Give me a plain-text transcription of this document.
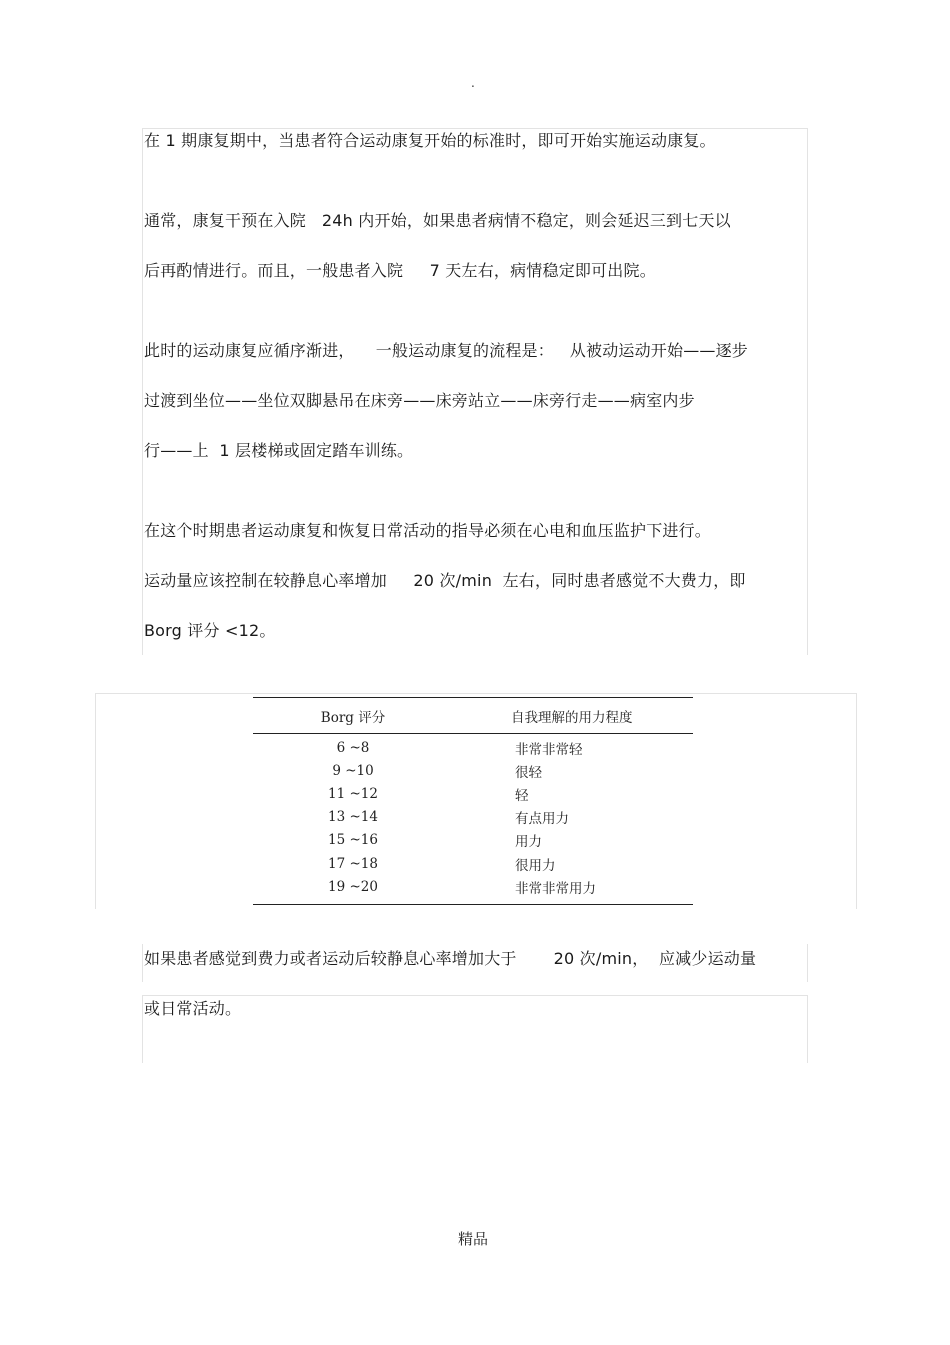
.
在 1 期康复期中，当患者符合运动康复开始的标准时，即可开始实施运动康复。
通常，康复干预在入院   24h 内开始，如果患者病情不稳定，则会延迟三到七天以
后再酌情进行。而且，一般患者入院     7 天左右，病情稳定即可出院。
此时的运动康复应循序渐进，    一般运动康复的流程是：   从被动运动开始——逐步
过渡到坐位——坐位双脚悬吊在床旁——床旁站立——床旁行走——病室内步
行——上  1 层楼梯或固定踏车训练。
在这个时期患者运动康复和恢复日常活动的指导必须在心电和血压监护下进行。
运动量应该控制在较静息心率增加     20 次/min  左右，同时患者感觉不大费力，即
Borg 评分 <12。
Borg 评分	自我理解的用力程度
6 ~8	非常非常轻
9 ~10	很轻
11 ~12	轻
13 ~14	有点用力
15 ~16	用力
17 ~18	很用力
19 ~20	非常非常用力
如果患者感觉到费力或者运动后较静息心率增加大于       20 次/min，  应减少运动量
或日常活动。
精品
